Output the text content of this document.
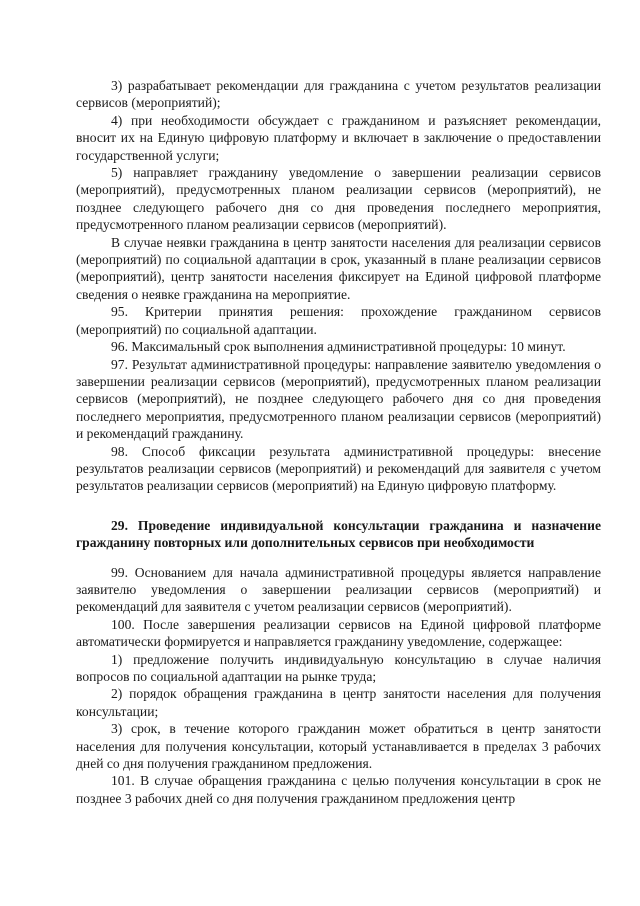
3) разрабатывает рекомендации для гражданина с учетом результатов реализации сервисов (мероприятий);

4) при необходимости обсуждает с гражданином и разъясняет рекомендации, вносит их на Единую цифровую платформу и включает в заключение о предоставлении государственной услуги;

5) направляет гражданину уведомление о завершении реализации сервисов (мероприятий), предусмотренных планом реализации сервисов (мероприятий), не позднее следующего рабочего дня со дня проведения последнего мероприятия, предусмотренного планом реализации сервисов (мероприятий).

В случае неявки гражданина в центр занятости населения для реализации сервисов (мероприятий) по социальной адаптации в срок, указанный в плане реализации сервисов (мероприятий), центр занятости населения фиксирует на Единой цифровой платформе сведения о неявке гражданина на мероприятие.

95. Критерии принятия решения: прохождение гражданином сервисов (мероприятий) по социальной адаптации.

96. Максимальный срок выполнения административной процедуры: 10 минут.

97. Результат административной процедуры: направление заявителю уведомления о завершении реализации сервисов (мероприятий), предусмотренных планом реализации сервисов (мероприятий), не позднее следующего рабочего дня со дня проведения последнего мероприятия, предусмотренного планом реализации сервисов (мероприятий) и рекомендаций гражданину.

98. Способ фиксации результата административной процедуры: внесение результатов реализации сервисов (мероприятий) и рекомендаций для заявителя с учетом результатов реализации сервисов (мероприятий) на Единую цифровую платформу.

29. Проведение индивидуальной консультации гражданина и назначение гражданину повторных или дополнительных сервисов при необходимости

99. Основанием для начала административной процедуры является направление заявителю уведомления о завершении реализации сервисов (мероприятий) и рекомендаций для заявителя с учетом реализации сервисов (мероприятий).

100. После завершения реализации сервисов на Единой цифровой платформе автоматически формируется и направляется гражданину уведомление, содержащее:

1) предложение получить индивидуальную консультацию в случае наличия вопросов по социальной адаптации на рынке труда;

2) порядок обращения гражданина в центр занятости населения для получения консультации;

3) срок, в течение которого гражданин может обратиться в центр занятости населения для получения консультации, который устанавливается в пределах 3 рабочих дней со дня получения гражданином предложения.

101. В случае обращения гражданина с целью получения консультации в срок не позднее 3 рабочих дней со дня получения гражданином предложения центр
